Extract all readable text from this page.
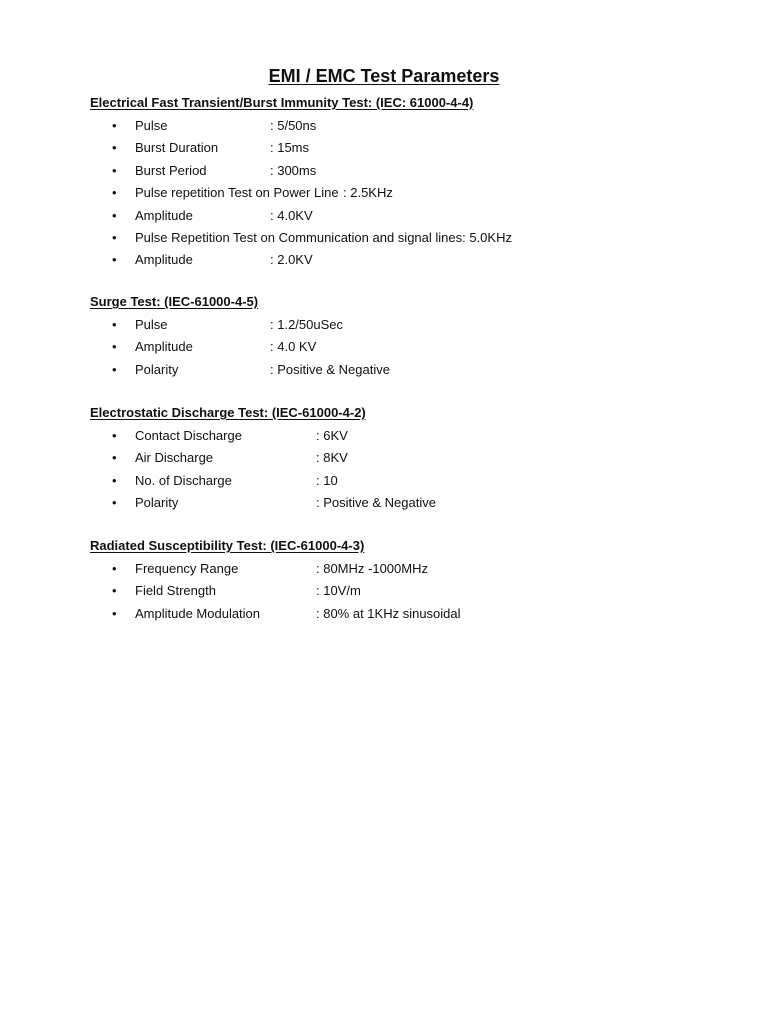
EMI / EMC Test Parameters
Electrical Fast Transient/Burst Immunity Test: (IEC: 61000-4-4)
• Pulse	: 5/50ns
• Burst Duration	: 15ms
• Burst Period	: 300ms
• Pulse repetition Test on Power Line : 2.5KHz
• Amplitude	: 4.0KV
• Pulse Repetition Test on Communication and signal lines: 5.0KHz
• Amplitude	: 2.0KV
Surge Test: (IEC-61000-4-5)
• Pulse	: 1.2/50uSec
• Amplitude	: 4.0 KV
• Polarity	: Positive & Negative
Electrostatic Discharge Test: (IEC-61000-4-2)
• Contact Discharge	: 6KV
• Air Discharge	: 8KV
• No. of Discharge	: 10
• Polarity	: Positive & Negative
Radiated Susceptibility Test: (IEC-61000-4-3)
• Frequency Range	: 80MHz -1000MHz
• Field Strength	: 10V/m
• Amplitude Modulation	: 80% at 1KHz sinusoidal
